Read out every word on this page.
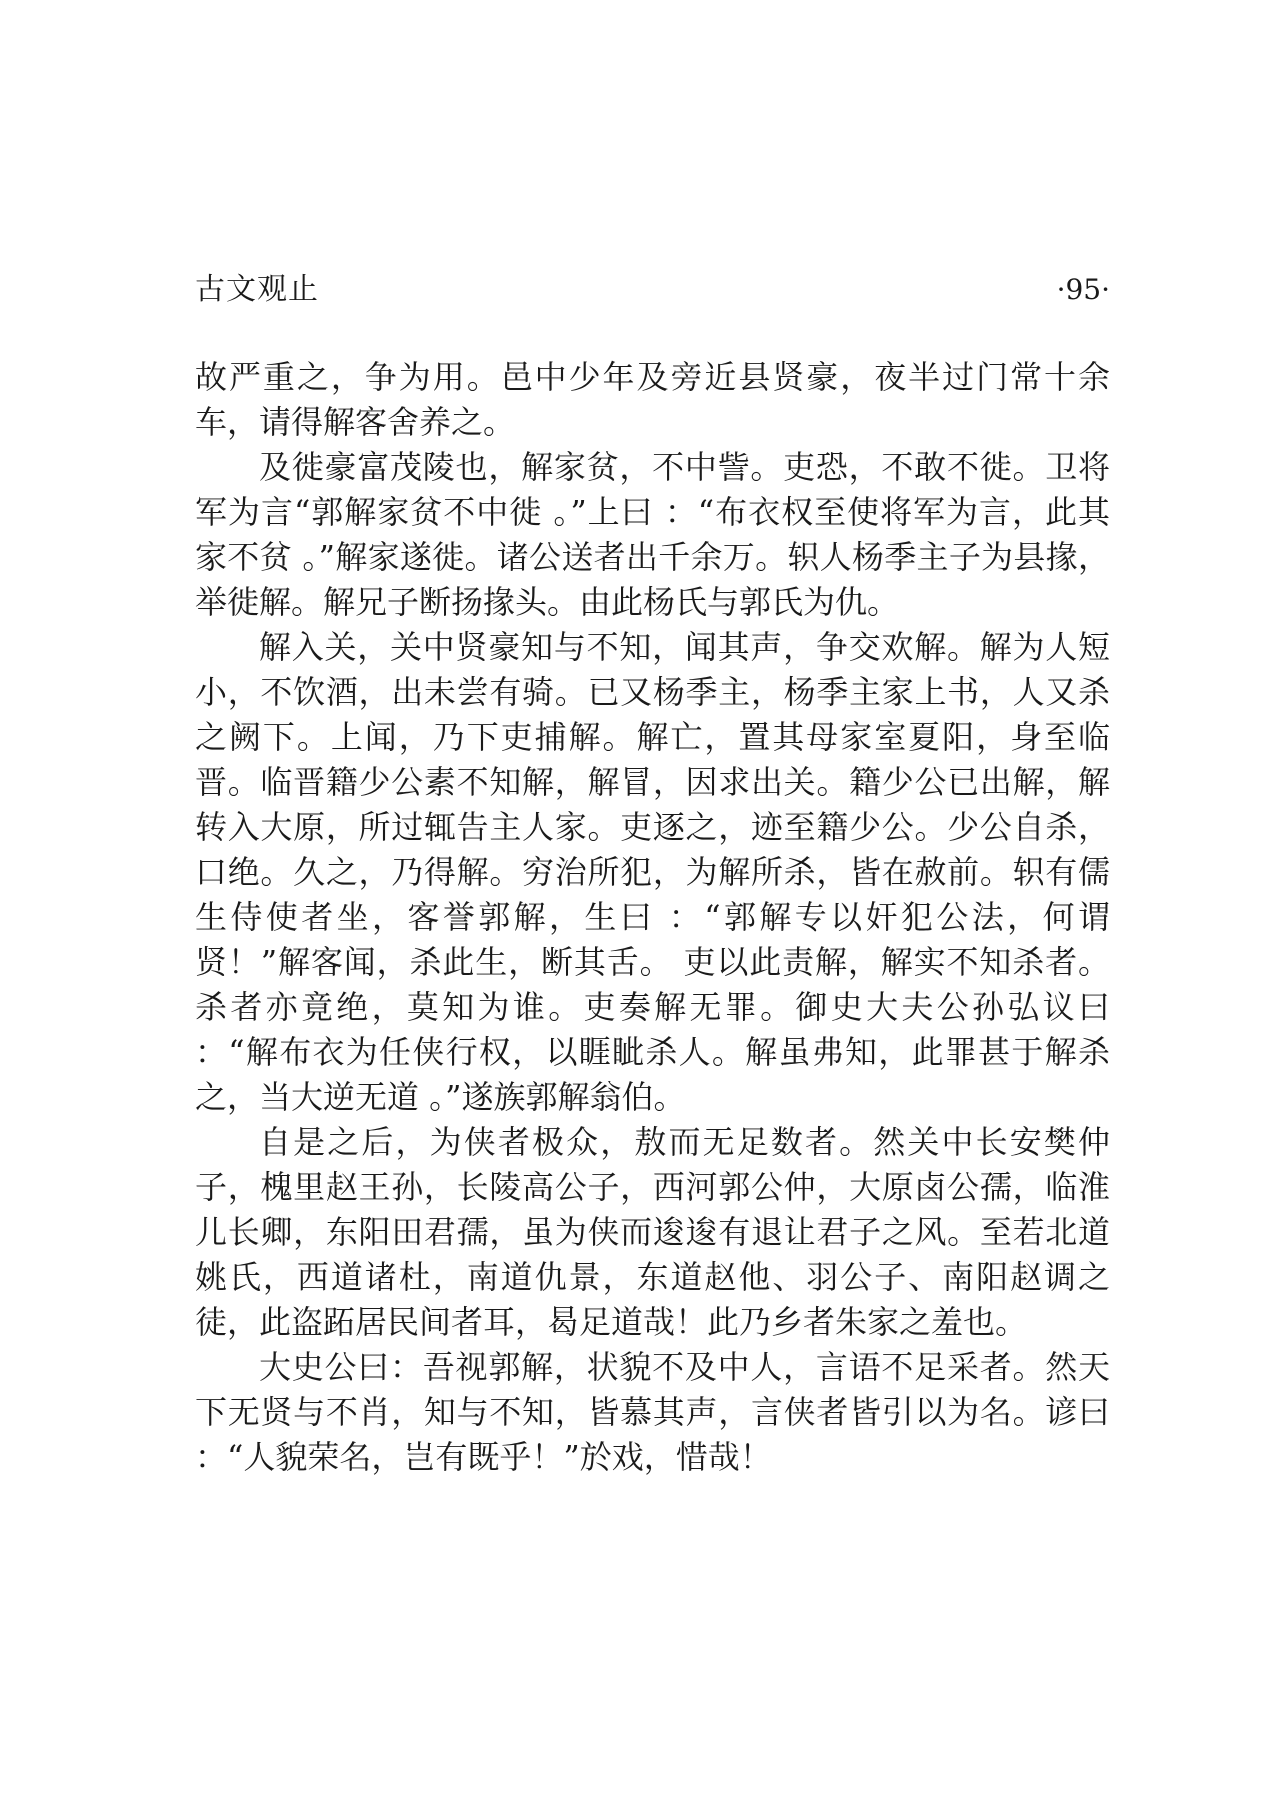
古文观止	·95·

故严重之，争为用。邑中少年及旁近县贤豪，夜半过门常十余车，请得解客舍养之。

及徙豪富茂陵也，解家贫，不中訾。吏恐，不敢不徙。卫将军为言“郭解家贫不中徙 。”上曰 ：“布衣权至使将军为言，此其家不贫 。”解家遂徙。诸公送者出千余万。轵人杨季主子为县掾，举徙解。解兄子断扬掾头。由此杨氏与郭氏为仇。

解入关，关中贤豪知与不知，闻其声，争交欢解。解为人短小，不饮酒，出未尝有骑。已又杨季主，杨季主家上书，人又杀之阙下。上闻，乃下吏捕解。解亡，置其母家室夏阳，身至临晋。临晋籍少公素不知解，解冒，因求出关。籍少公已出解，解转入大原，所过辄告主人家。吏逐之，迹至籍少公。少公自杀，口绝。久之，乃得解。穷治所犯，为解所杀，皆在赦前。轵有儒生侍使者坐，客誉郭解，生曰 ：“郭解专以奸犯公法，何谓贤！”解客闻，杀此生，断其舌。 吏以此责解，解实不知杀者。杀者亦竟绝，莫知为谁。吏奏解无罪。御史大夫公孙弘议曰 ：“解布衣为任侠行权，以睚眦杀人。解虽弗知，此罪甚于解杀之，当大逆无道 。”遂族郭解翁伯。

自是之后，为侠者极众，敖而无足数者。然关中长安樊仲子，槐里赵王孙，长陵高公子，西河郭公仲，大原卤公孺，临淮儿长卿，东阳田君孺，虽为侠而逡逡有退让君子之风。至若北道姚氏，西道诸杜，南道仇景，东道赵他、羽公子、南阳赵调之徒，此盗跖居民间者耳，曷足道哉！此乃乡者朱家之羞也。

大史公曰：吾视郭解，状貌不及中人，言语不足采者。然天下无贤与不肖，知与不知，皆慕其声，言侠者皆引以为名。谚曰 ：“人貌荣名，岂有既乎！”於戏，惜哉！
